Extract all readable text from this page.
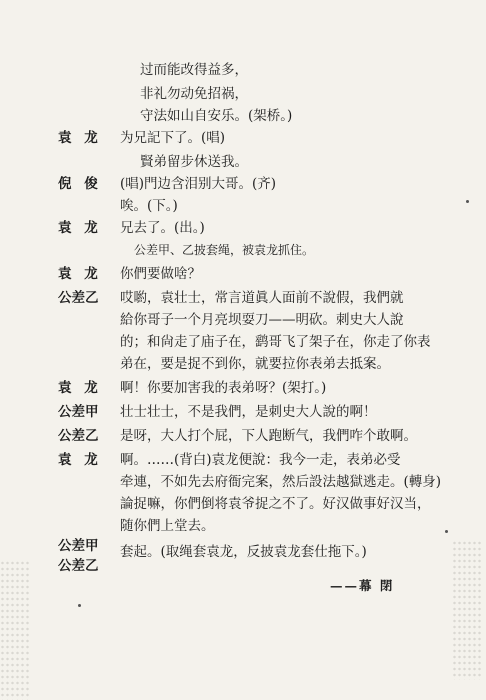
过而能改得益多，
非礼勿动免招祸，
守法如山自安乐。(架桥。)
袁 龙 为兄記下了。(唱)
賢弟留步休送我。
倪 俊 (唱)門边含泪别大哥。(齐)
唉。(下。)
袁 龙 兄去了。(出。)
公差甲、乙披套绳，被袁龙抓住。
袁 龙 你們要做啥？
公差乙 哎喲，袁壮士，常言道眞人面前不說假，我們就
給你哥子一个月亮坝耍刀——明砍。刺史大人說
的；和尙走了庙子在，鹞哥飞了架子在，你走了你表
弟在，要是捉不到你，就要拉你表弟去抵案。
袁 龙 啊！你要加害我的表弟呀？(架打。)
公差甲 壮士壮士，不是我們，是刺史大人說的啊！
公差乙 是呀，大人打个屁，下人跑断气，我們咋个敢啊。
袁 龙 啊。……(背白)袁龙便說：我今一走，表弟必受
牵連，不如先去府衙完案，然后設法越獄逃走。(轉身)
論捉嘛，你們倒将袁爷捉之不了。好汉做事好汉当，
随你們上堂去。
公差甲
公差乙
套起。(取绳套袁龙，反披袁龙套仕拖下。)
——幕 閉
